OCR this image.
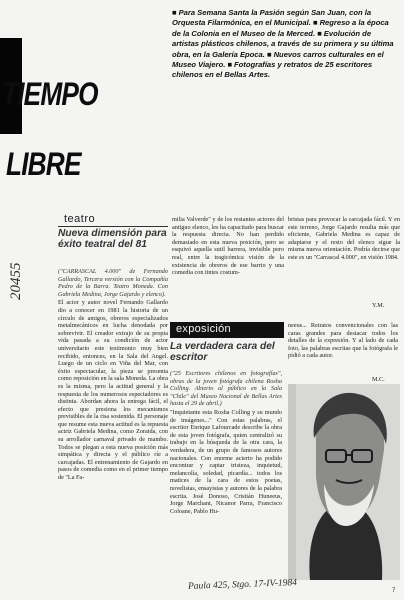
■ Para Semana Santa la Pasión según San Juan, con la Orquesta Filarmónica, en el Municipal. ■ Regreso a la época de la Colonia en el Museo de la Merced. ■ Evolución de artistas plásticos chilenos, a través de su primera y su última obra, en la Galería Epoca. ■ Nuevos carros culturales en el Museo Viajero. ■ Fotografías y retratos de 25 escritores chilenos en el Bellas Artes.
TIEMPO
LIBRE
teatro
Nueva dimensión para éxito teatral del 81

("CARRASCAL 4.000" de Fernando Gallardo, Tercera versión con la Compañía Pedro de la Barra. Teatro Moneda. Con Gabriela Medina, Jorge Gajardo y elenco).

El actor y autor novel Fernando Gallardo dio a conocer en 1981 la historia de un círculo de amigos, obreros especializados metalmecánicos en lucha denodada por sobrevivir. El creador extrajo de su propia vida pasada a su condición de actor universitario este testimonio muy bien recibido, entonces, en la Sala del Angel. Luego de un ciclo en Viña del Mar, con éxito espectacular, la pieza se presenta como reposición en la sala Moneda. La obra es la misma, pero la actitud general y la respuesta de los numerosos espectadores es distinta. Abordan ahora la entrega fácil, el efecto que presiona los mecanismos previsibles de la risa sostenida. El personaje que resume esta nueva actitud es la repuesta actriz Gabriela Medina, como Zoraida, con su arrollador carnaval privado de mambo. Todos se plegan a esta nueva posición más simpática y directa y el público ríe a carcajadas. El entrenamiento de Gajardo en pasos de comedia como en el primer tiempo de "La Fa-

milia Valverde" y de los restantes actores del antiguo elenco, les ha capacitado para buscar la respuesta directa. No han perdido demasiado en esta nueva posición, pero se esquivó aquella sutil barrera, invisible pero real, entre la tragicómica visión de la existencia de obreros de ese barrio y una comedia con tintes costum-

bristas para provocar la carcajada fácil. Y en este terreno, Jorge Gajardo resulta más que eficiente, Gabriela Medina es capaz de adaptarse y el resto del elenco sigue la misma nueva orientación. Podría decirse que este es un "Carrascal 4.000", en visión 1984.

Y.M.
exposición
La verdadera cara del escritor

("25 Escritores chilenos en fotografías", obras de la joven fotógrafa chilena Rosha Colling. Abierto al público en la Sala "Chile" del Museo Nacional de Bellas Artes hasta el 29 de abril.)

"Inquietante esta Rosha Colling y su mundo de imágenes..." Con estas palabras, el escritor Enrique Lafourcade describe la obra de esta joven fotógrafa, quien centralizó su trabajo en la búsqueda de la otra cara, la verdadera, de un grupo de famosos autores nacionales. Con enorme acierto ha podido encontrar y captar tristeza, inquietud, melancolía, soledad, picardía... todos los matices de la cara de estos poetas, novelistas, ensayistas y autores de la palabra escrita. José Donoso, Cristián Huneeus, Jorge Marchant, Nicanor Parra, Francisco Coloane, Pablo Hu-

neeus... Retratos convencionales con las caras grandes para destacar todos los detalles de la expresión. Y al lado de cada foto, las palabras escritas que la fotógrafa le pidió a cada autor.

M.C.
20455
Paula 425, Stgo. 17-IV-1984	7
